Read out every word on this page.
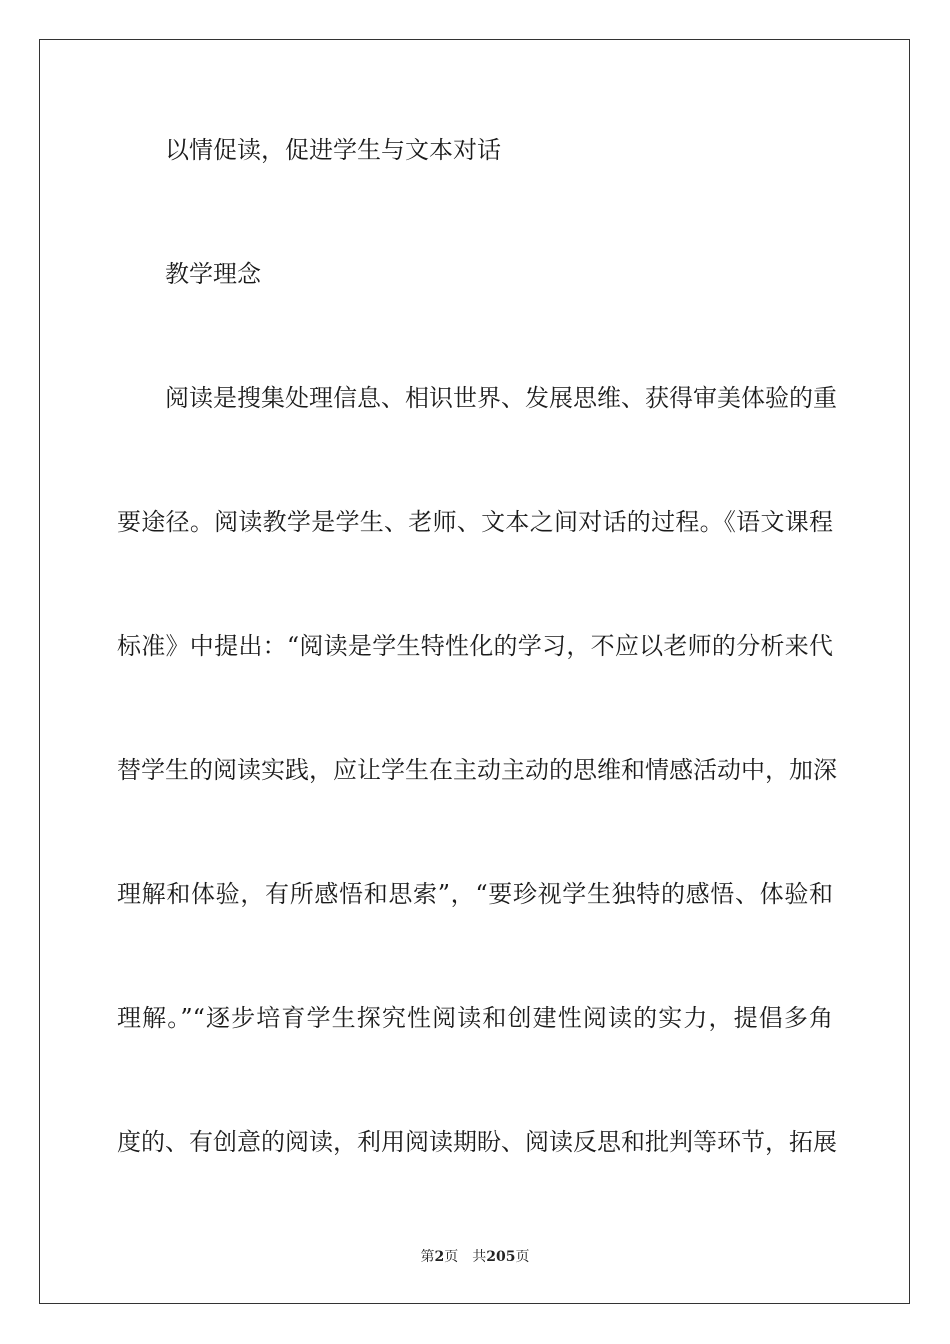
以情促读，促进学生与文本对话
教学理念
阅读是搜集处理信息、相识世界、发展思维、获得审美体验的重
要途径。阅读教学是学生、老师、文本之间对话的过程。《语文课程
标准》中提出：“阅读是学生特性化的学习，不应以老师的分析来代
替学生的阅读实践，应让学生在主动主动的思维和情感活动中，加深
理解和体验，有所感悟和思索”，“要珍视学生独特的感悟、体验和
理解。”“逐步培育学生探究性阅读和创建性阅读的实力，提倡多角
度的、有创意的阅读，利用阅读期盼、阅读反思和批判等环节，拓展
第2页 共205页
